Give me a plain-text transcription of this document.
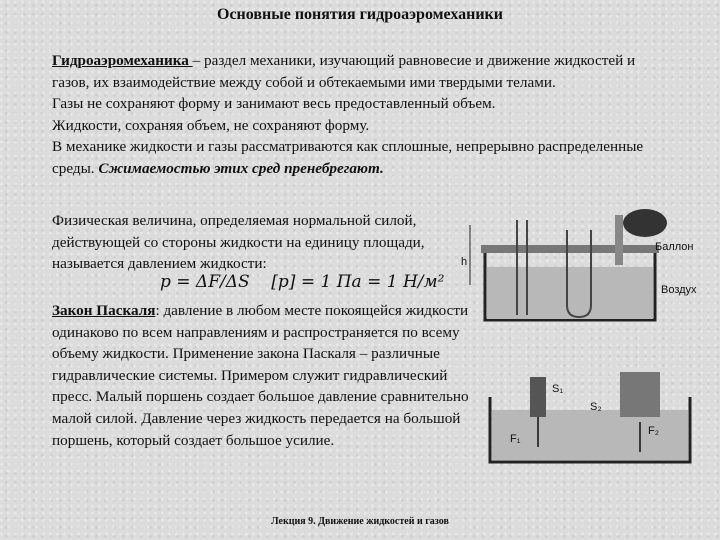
Основные понятия гидроаэромеханики
Гидроаэромеханика – раздел механики, изучающий равновесие и движение жидкостей и газов, их взаимодействие между собой и обтекаемыми ими твердыми телами.
Газы не сохраняют форму и занимают весь предоставленный объем.
Жидкости, сохраняя объем, не сохраняют форму.
В механике жидкости и газы рассматриваются как сплошные, непрерывно распределенные среды. Сжимаемостью этих сред пренебрегают.
Физическая величина, определяемая нормальной силой, действующей со стороны жидкости на единицу площади, называется давлением жидкости:
p = ΔF/ΔS [p] = 1 Па = 1 Н/м²
Закон Паскаля: давление в любом месте покоящейся жидкости одинаково по всем направлениям и распространяется по всему объему жидкости. Применение закона Паскаля – различные гидравлические системы. Примером служит гидравлический пресс. Малый поршень создает большое давление сравнительно малой силой. Давление через жидкость передается на большой поршень, который создает большое усилие.
h
Баллон
Воздух
S₁
S₂
F₁
F₂
Лекция 9. Движение жидкостей и газов
